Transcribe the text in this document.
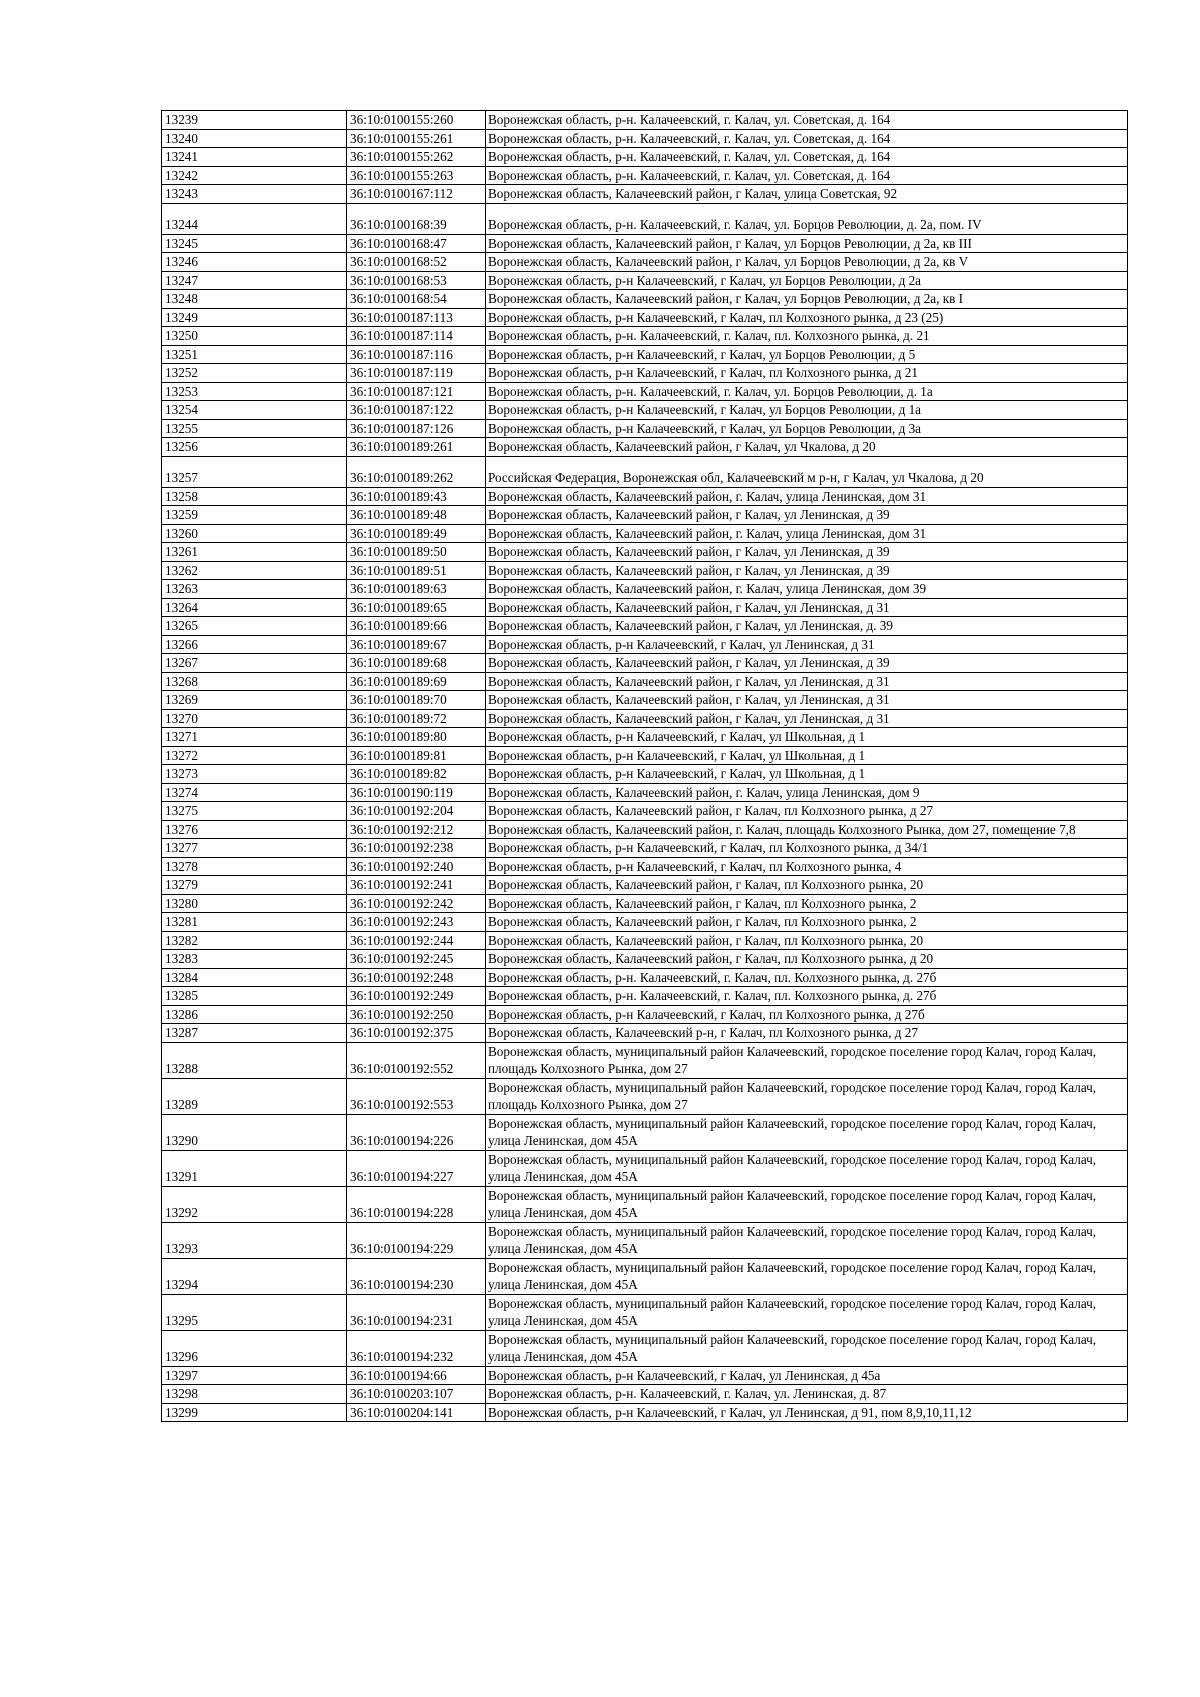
13239	36:10:0100155:260	Воронежская область, р-н. Калачеевский, г. Калач, ул. Советская, д. 164
13240	36:10:0100155:261	Воронежская область, р-н. Калачеевский, г. Калач, ул. Советская, д. 164
13241	36:10:0100155:262	Воронежская область, р-н. Калачеевский, г. Калач, ул. Советская, д. 164
13242	36:10:0100155:263	Воронежская область, р-н. Калачеевский, г. Калач, ул. Советская, д. 164
13243	36:10:0100167:112	Воронежская область, Калачеевский район, г Калач, улица Советская, 92
13244	36:10:0100168:39	Воронежская область, р-н. Калачеевский, г. Калач, ул. Борцов Революции, д. 2а, пом. IV
13245	36:10:0100168:47	Воронежская область, Калачеевский район, г Калач, ул Борцов Революции, д 2а, кв III
13246	36:10:0100168:52	Воронежская область, Калачеевский район, г Калач, ул Борцов Революции, д 2а, кв V
13247	36:10:0100168:53	Воронежская область, р-н Калачеевский, г Калач, ул Борцов Революции, д 2а
13248	36:10:0100168:54	Воронежская область, Калачеевский район, г Калач, ул Борцов Революции, д 2а, кв I
13249	36:10:0100187:113	Воронежская область, р-н Калачеевский, г Калач, пл Колхозного рынка, д 23 (25)
13250	36:10:0100187:114	Воронежская область, р-н. Калачеевский, г. Калач, пл. Колхозного рынка, д. 21
13251	36:10:0100187:116	Воронежская область, р-н Калачеевский, г Калач, ул Борцов Революции, д 5
13252	36:10:0100187:119	Воронежская область, р-н Калачеевский, г Калач, пл Колхозного рынка, д 21
13253	36:10:0100187:121	Воронежская область, р-н. Калачеевский, г. Калач, ул. Борцов Революции, д. 1а
13254	36:10:0100187:122	Воронежская область, р-н Калачеевский, г Калач, ул Борцов Революции, д 1а
13255	36:10:0100187:126	Воронежская область, р-н Калачеевский, г Калач, ул Борцов Революции, д 3а
13256	36:10:0100189:261	Воронежская область, Калачеевский район, г Калач, ул Чкалова, д 20
13257	36:10:0100189:262	Российская Федерация, Воронежская обл, Калачеевский м р-н, г Калач, ул Чкалова, д 20
13258	36:10:0100189:43	Воронежская область, Калачеевский район, г. Калач, улица Ленинская, дом 31
13259	36:10:0100189:48	Воронежская область, Калачеевский район, г Калач, ул Ленинская, д 39
13260	36:10:0100189:49	Воронежская область, Калачеевский район, г. Калач, улица Ленинская, дом 31
13261	36:10:0100189:50	Воронежская область, Калачеевский район, г Калач, ул Ленинская, д 39
13262	36:10:0100189:51	Воронежская область, Калачеевский район, г Калач, ул Ленинская, д 39
13263	36:10:0100189:63	Воронежская область, Калачеевский район, г. Калач, улица Ленинская, дом 39
13264	36:10:0100189:65	Воронежская область, Калачеевский район, г Калач, ул Ленинская, д 31
13265	36:10:0100189:66	Воронежская область, Калачеевский район, г Калач, ул Ленинская, д. 39
13266	36:10:0100189:67	Воронежская область, р-н Калачеевский, г Калач, ул Ленинская, д 31
13267	36:10:0100189:68	Воронежская область, Калачеевский район, г Калач, ул Ленинская, д 39
13268	36:10:0100189:69	Воронежская область, Калачеевский район, г Калач, ул Ленинская, д 31
13269	36:10:0100189:70	Воронежская область, Калачеевский район, г Калач, ул Ленинская, д 31
13270	36:10:0100189:72	Воронежская область, Калачеевский район, г Калач, ул Ленинская, д 31
13271	36:10:0100189:80	Воронежская область, р-н Калачеевский, г Калач, ул Школьная, д 1
13272	36:10:0100189:81	Воронежская область, р-н Калачеевский, г Калач, ул Школьная, д 1
13273	36:10:0100189:82	Воронежская область, р-н Калачеевский, г Калач, ул Школьная, д 1
13274	36:10:0100190:119	Воронежская область, Калачеевский район, г. Калач, улица Ленинская, дом 9
13275	36:10:0100192:204	Воронежская область, Калачеевский район, г Калач, пл Колхозного рынка, д 27
13276	36:10:0100192:212	Воронежская область, Калачеевский район, г. Калач, площадь Колхозного Рынка, дом 27, помещение 7,8
13277	36:10:0100192:238	Воронежская область, р-н Калачеевский, г Калач, пл Колхозного рынка, д 34/1
13278	36:10:0100192:240	Воронежская область, р-н Калачеевский, г Калач, пл Колхозного рынка, 4
13279	36:10:0100192:241	Воронежская область, Калачеевский район, г Калач, пл Колхозного рынка, 20
13280	36:10:0100192:242	Воронежская область, Калачеевский район, г Калач, пл Колхозного рынка, 2
13281	36:10:0100192:243	Воронежская область, Калачеевский район, г Калач, пл Колхозного рынка, 2
13282	36:10:0100192:244	Воронежская область, Калачеевский район, г Калач, пл Колхозного рынка, 20
13283	36:10:0100192:245	Воронежская область, Калачеевский район, г Калач, пл Колхозного рынка, д 20
13284	36:10:0100192:248	Воронежская область, р-н. Калачеевский, г. Калач, пл. Колхозного рынка, д. 27б
13285	36:10:0100192:249	Воронежская область, р-н. Калачеевский, г. Калач, пл. Колхозного рынка, д. 27б
13286	36:10:0100192:250	Воронежская область, р-н Калачеевский, г Калач, пл Колхозного рынка, д 27б
13287	36:10:0100192:375	Воронежская область, Калачеевский р-н, г Калач, пл Колхозного рынка, д 27
13288	36:10:0100192:552	Воронежская область, муниципальный район Калачеевский, городское поселение город Калач, город Калач, площадь Колхозного Рынка, дом 27
13289	36:10:0100192:553	Воронежская область, муниципальный район Калачеевский, городское поселение город Калач, город Калач, площадь Колхозного Рынка, дом 27
13290	36:10:0100194:226	Воронежская область, муниципальный район Калачеевский, городское поселение город Калач, город Калач, улица Ленинская, дом 45А
13291	36:10:0100194:227	Воронежская область, муниципальный район Калачеевский, городское поселение город Калач, город Калач, улица Ленинская, дом 45А
13292	36:10:0100194:228	Воронежская область, муниципальный район Калачеевский, городское поселение город Калач, город Калач, улица Ленинская, дом 45А
13293	36:10:0100194:229	Воронежская область, муниципальный район Калачеевский, городское поселение город Калач, город Калач, улица Ленинская, дом 45А
13294	36:10:0100194:230	Воронежская область, муниципальный район Калачеевский, городское поселение город Калач, город Калач, улица Ленинская, дом 45А
13295	36:10:0100194:231	Воронежская область, муниципальный район Калачеевский, городское поселение город Калач, город Калач, улица Ленинская, дом 45А
13296	36:10:0100194:232	Воронежская область, муниципальный район Калачеевский, городское поселение город Калач, город Калач, улица Ленинская, дом 45А
13297	36:10:0100194:66	Воронежская область, р-н Калачеевский, г Калач, ул Ленинская, д 45а
13298	36:10:0100203:107	Воронежская область, р-н. Калачеевский, г. Калач, ул. Ленинская, д. 87
13299	36:10:0100204:141	Воронежская область, р-н Калачеевский, г Калач, ул Ленинская, д 91, пом 8,9,10,11,12
